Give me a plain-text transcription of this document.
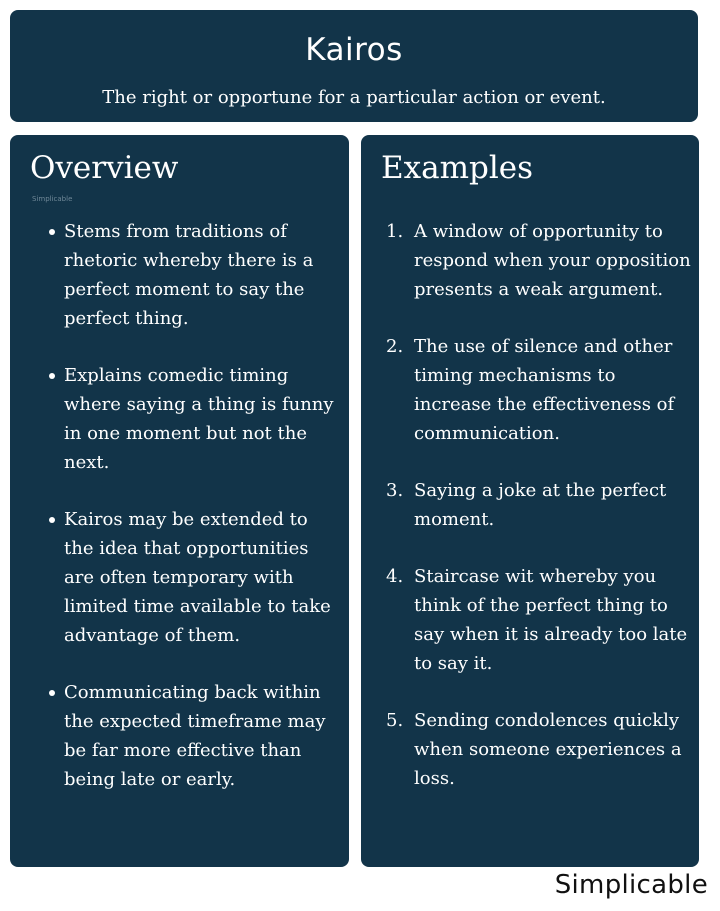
Kairos
The right or opportune for a particular action or event.
Overview
Simplicable
Stems from traditions of rhetoric whereby there is a perfect moment to say the perfect thing.
Explains comedic timing where saying a thing is funny in one moment but not the next.
Kairos may be extended to the idea that opportunities are often temporary with limited time available to take advantage of them.
Communicating back within the expected timeframe may be far more effective than being late or early.
Examples
1. A window of opportunity to respond when your opposition presents a weak argument.
2. The use of silence and other timing mechanisms to increase the effectiveness of communication.
3. Saying a joke at the perfect moment.
4. Staircase wit whereby you think of the perfect thing to say when it is already too late to say it.
5. Sending condolences quickly when someone experiences a loss.
Simplicable
